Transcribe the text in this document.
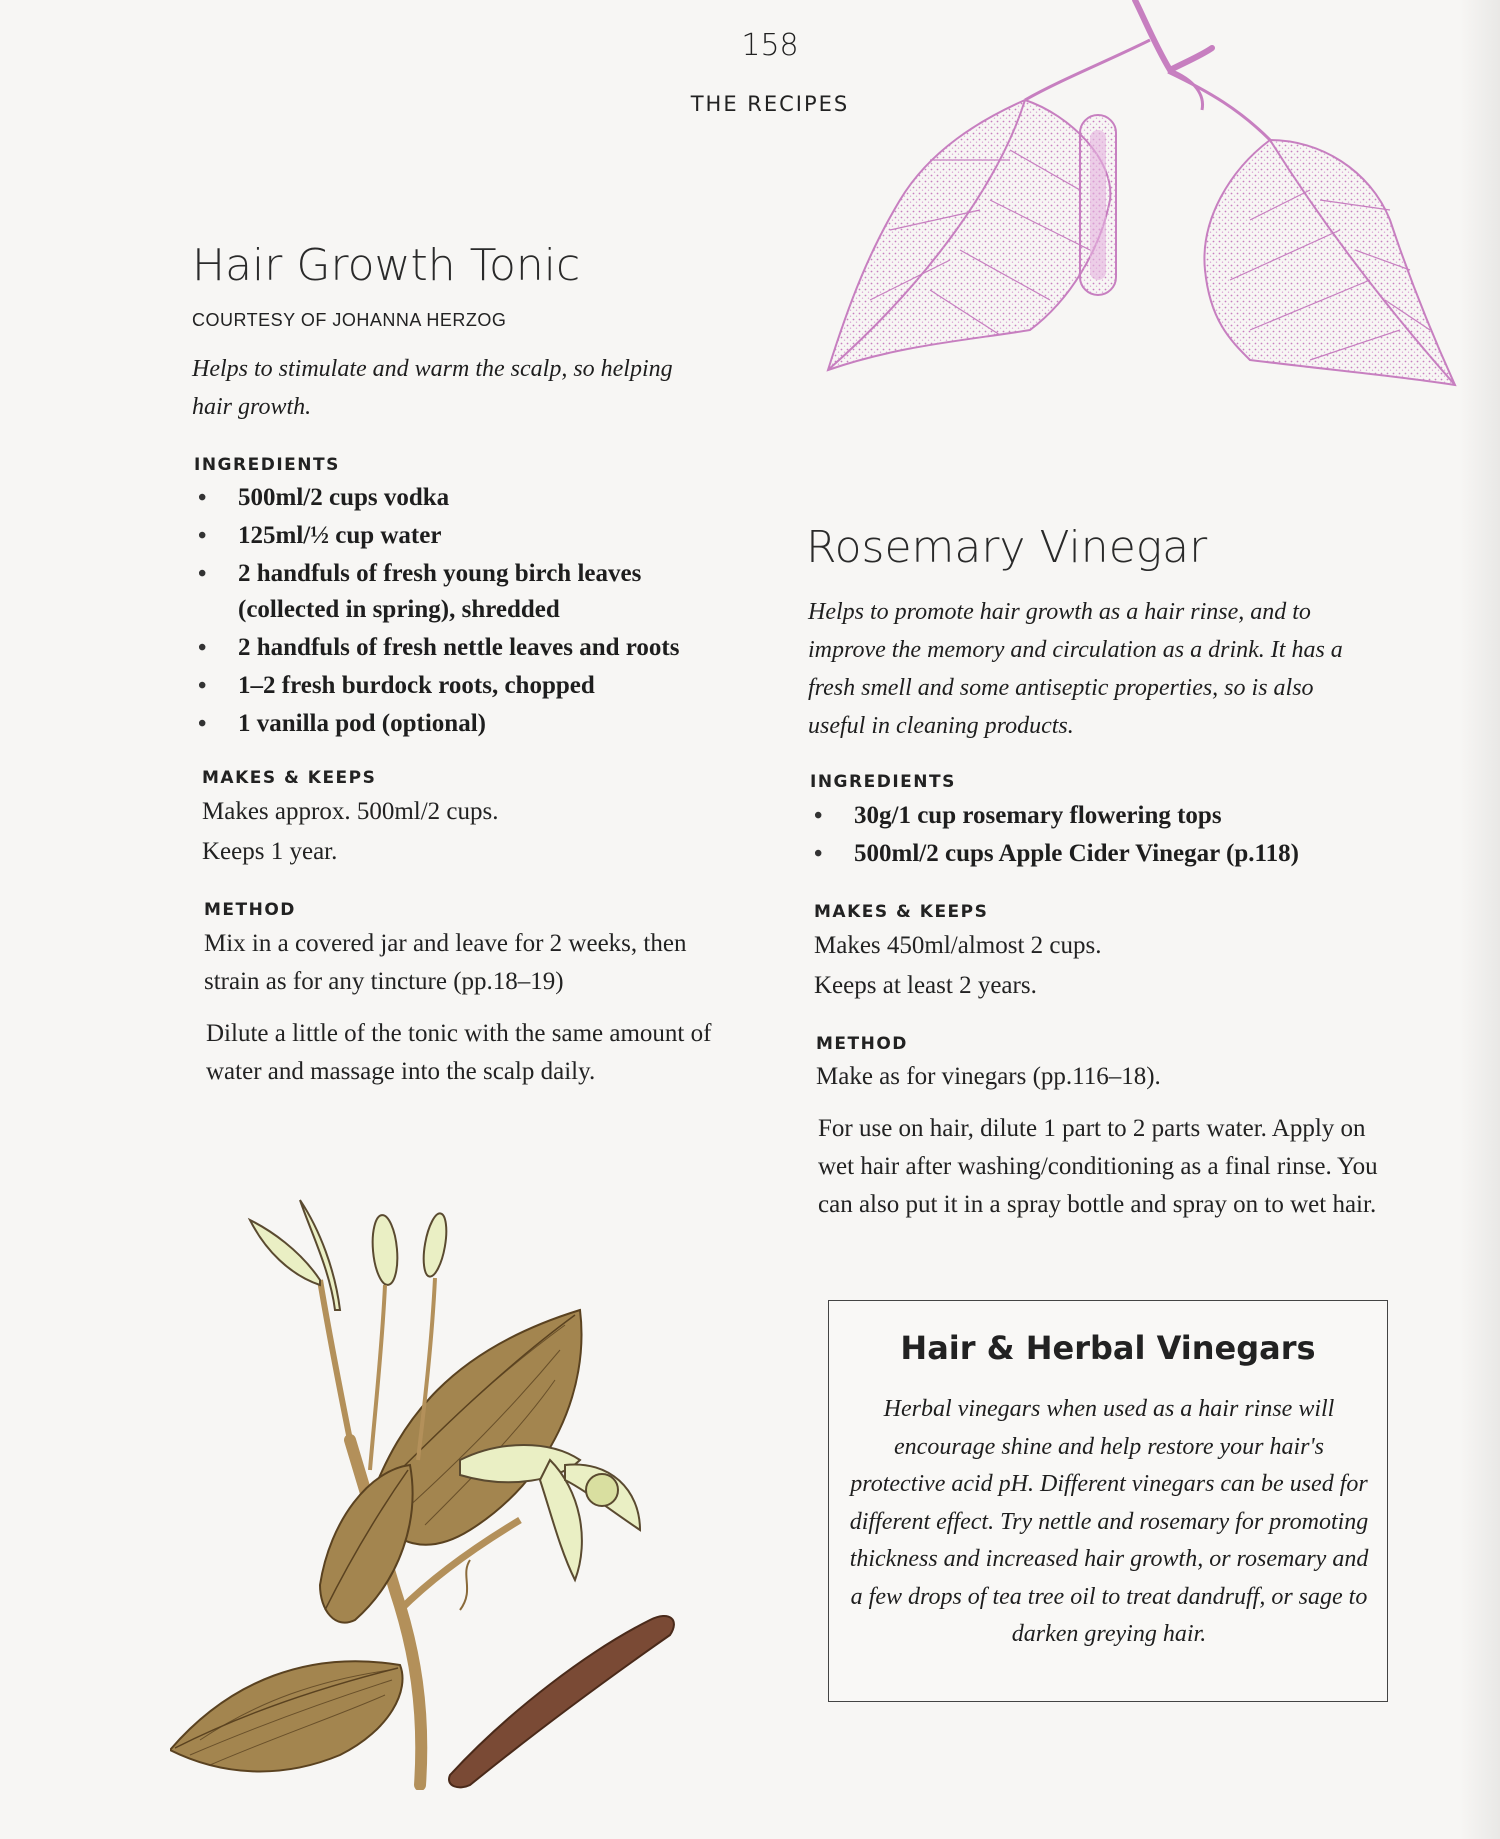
158
THE RECIPES
Hair Growth Tonic
COURTESY OF JOHANNA HERZOG

Helps to stimulate and warm the scalp, so helping hair growth.

INGREDIENTS
• 500ml/2 cups vodka
• 125ml/½ cup water
• 2 handfuls of fresh young birch leaves (collected in spring), shredded
• 2 handfuls of fresh nettle leaves and roots
• 1–2 fresh burdock roots, chopped
• 1 vanilla pod (optional)
MAKES & KEEPS

Makes approx. 500ml/2 cups.

Keeps 1 year.

METHOD

Mix in a covered jar and leave for 2 weeks, then strain as for any tincture (pp.18–19)

Dilute a little of the tonic with the same amount of water and massage into the scalp daily.

Rosemary Vinegar

Helps to promote hair growth as a hair rinse, and to improve the memory and circulation as a drink. It has a fresh smell and some antiseptic properties, so is also useful in cleaning products.

INGREDIENTS
• 30g/1 cup rosemary flowering tops
• 500ml/2 cups Apple Cider Vinegar (p.118)
MAKES & KEEPS

Makes 450ml/almost 2 cups.

Keeps at least 2 years.

METHOD

Make as for vinegars (pp.116–18).

For use on hair, dilute 1 part to 2 parts water. Apply on wet hair after washing/conditioning as a final rinse. You can also put it in a spray bottle and spray on to wet hair.

Hair & Herbal Vinegars

Herbal vinegars when used as a hair rinse will encourage shine and help restore your hair's protective acid pH. Different vinegars can be used for different effect. Try nettle and rosemary for promoting thickness and increased hair growth, or rosemary and a few drops of tea tree oil to treat dandruff, or sage to darken greying hair.
